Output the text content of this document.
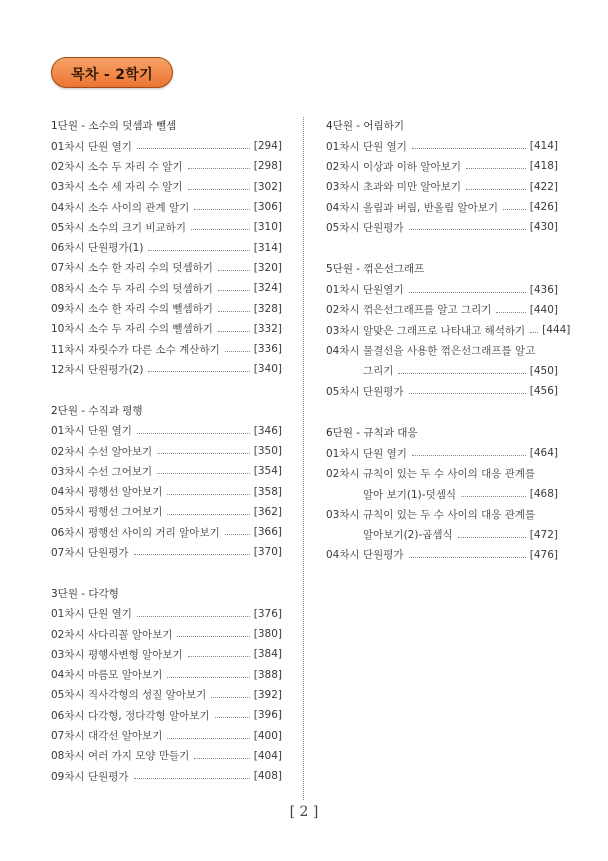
목차 - 2학기
1단원 - 소수의 덧셈과 뺄셈
01차시 단원 열기	[294]
02차시 소수 두 자리 수 알기	[298]
03차시 소수 세 자리 수 알기	[302]
04차시 소수 사이의 관계 알기	[306]
05차시 소수의 크기 비교하기	[310]
06차시 단원평가(1)	[314]
07차시 소수 한 자리 수의 덧셈하기	[320]
08차시 소수 두 자리 수의 덧셈하기	[324]
09차시 소수 한 자리 수의 뺄셈하기	[328]
10차시 소수 두 자리 수의 뺄셈하기	[332]
11차시 자릿수가 다른 소수 계산하기	[336]
12차시 단원평가(2)	[340]
2단원 - 수직과 평행
01차시 단원 열기	[346]
02차시 수선 알아보기	[350]
03차시 수선 그어보기	[354]
04차시 평행선 알아보기	[358]
05차시 평행선 그어보기	[362]
06차시 평행선 사이의 거리 알아보기	[366]
07차시 단원평가	[370]
3단원 - 다각형
01차시 단원 열기	[376]
02차시 사다리꼴 알아보기	[380]
03차시 평행사변형 알아보기	[384]
04차시 마름모 알아보기	[388]
05차시 직사각형의 성질 알아보기	[392]
06차시 다각형, 정다각형 알아보기	[396]
07차시 대각선 알아보기	[400]
08차시 여러 가지 모양 만들기	[404]
09차시 단원평가	[408]
4단원 - 어림하기
01차시 단원 열기	[414]
02차시 이상과 이하 알아보기	[418]
03차시 초과와 미만 알아보기	[422]
04차시 올림과 버림, 반올림 알아보기	[426]
05차시 단원평가	[430]
5단원 - 꺾은선그래프
01차시 단원열기	[436]
02차시 꺾은선그래프를 알고 그리기	[440]
03차시 알맞은 그래프로 나타내고 해석하기 [444]
04차시 물결선을 사용한 꺾은선그래프를 알고
그리기	[450]
05차시 단원평가	[456]
6단원 - 규칙과 대응
01차시 단원 열기	[464]
02차시 규칙이 있는 두 수 사이의 대응 관계를
알아 보기(1)-덧셈식	[468]
03차시 규칙이 있는 두 수 사이의 대응 관계를
알아보기(2)-곱셈식	[472]
04차시 단원평가	[476]
[ 2 ]
